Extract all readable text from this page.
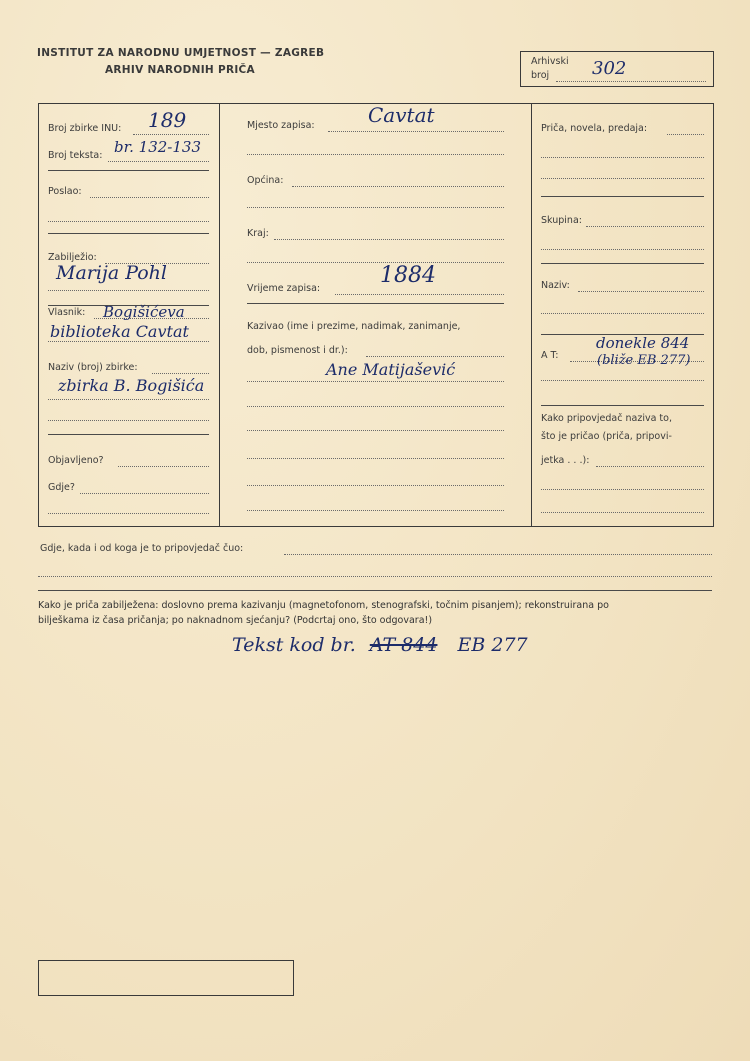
INSTITUT ZA NARODNU UMJETNOST — ZAGREB
ARHIV NARODNIH PRIČA
Arhivski
broj 302
Broj zbirke INU: 189
Broj teksta: br. 132-133
Poslao:
Zabilježio:
Marija Pohl
Vlasnik: Bogišićeva
biblioteka Cavtat
Naziv (broj) zbirke:
zbirka B. Bogišića
Objavljeno?
Gdje?
Mjesto zapisa:	Cavtat
Općina:
Kraj:
Vrijeme zapisa:
1884
Kazivao (ime i prezime, nadimak, zanimanje,
dob, pismenost i dr.):
Ane Matijašević
Priča, novela, predaja:
Skupina:
Naziv:
A T:
donekle 844
(bliže EB 277)
Kako pripovjedač naziva to,
što je pričao (priča, pripovi-
jetka . . .):
Gdje, kada i od koga je to pripovjedač čuo:
Kako je priča zabilježena: doslovno prema kazivanju (magnetofonom, stenografski, točnim pisanjem); rekonstruirana po
bilješkama iz časa pričanja; po naknadnom sjećanju? (Podcrtaj ono, što odgovara!)
Tekst kod br. AT 844 EB 277
